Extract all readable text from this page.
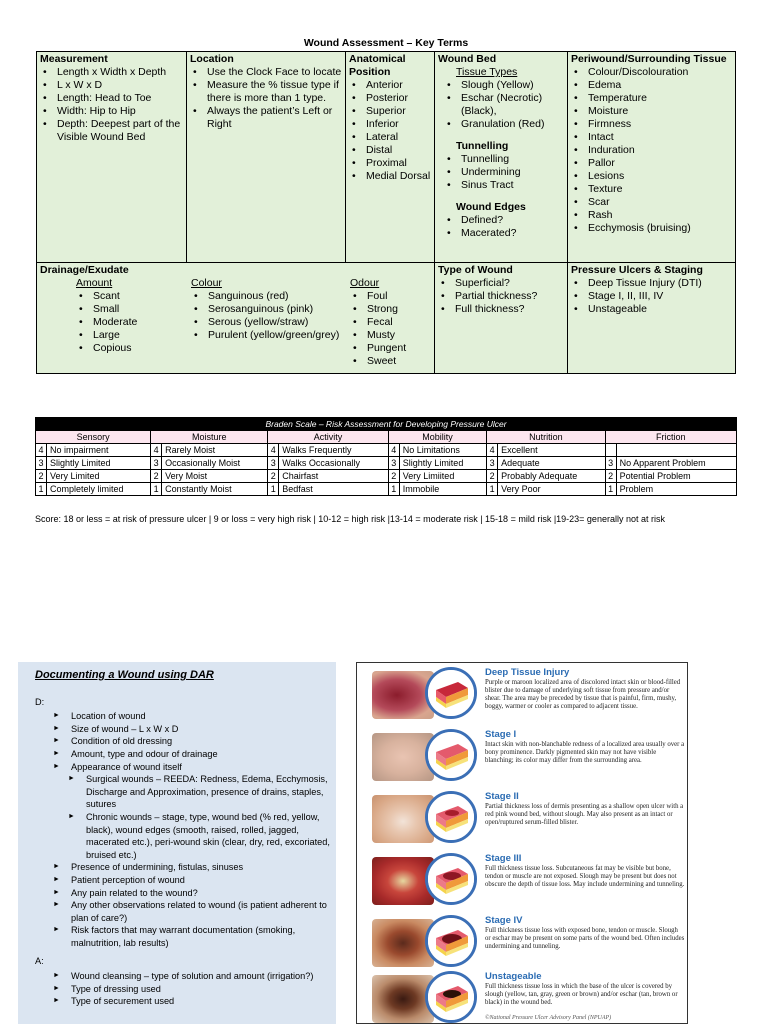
Wound Assessment – Key Terms
Measurement
• Length x Width x Depth
• L x W x D
• Length: Head to Toe
• Width: Hip to Hip
• Depth: Deepest part of the Visible Wound Bed
Location
• Use the Clock Face to locate
• Measure the % tissue type if there is more than 1 type.
• Always the patient’s Left or Right
Anatomical Position
• Anterior
• Posterior
• Superior
• Inferior
• Lateral
• Distal
• Proximal
• Medial Dorsal
Wound Bed
Tissue Types
• Slough (Yellow)
• Eschar (Necrotic) (Black),
• Granulation (Red)
Tunnelling
• Tunnelling
• Undermining
• Sinus Tract
Wound Edges
• Defined?
• Macerated?
Periwound/Surrounding Tissue
• Colour/Discolouration
• Edema
• Temperature
• Moisture
• Firmness
• Intact
• Induration
• Pallor
• Lesions
• Texture
• Scar
• Rash
• Ecchymosis (bruising)
Drainage/Exudate
Amount
• Scant
• Small
• Moderate
• Large
• Copious
Colour
• Sanguinous (red)
• Serosanguinous (pink)
• Serous (yellow/straw)
• Purulent (yellow/green/grey)
Odour
• Foul
• Strong
• Fecal
• Musty
• Pungent
• Sweet
Type of Wound
• Superficial?
• Partial thickness?
• Full thickness?
Pressure Ulcers & Staging
• Deep Tissue Injury (DTI)
• Stage I, II, III, IV
• Unstageable
Braden Scale – Risk Assessment for Developing Pressure Ulcer											
Sensory		Moisture		Activity		Mobility		Nutrition		Friction	
4	No impairment	4	Rarely Moist	4	Walks Frequently	4	No Limitations	4	Excellent		
3	Slightly Limited	3	Occasionally Moist	3	Walks Occasionally	3	Slightly Limited	3	Adequate	3	No Apparent Problem
2	Very Limited	2	Very Moist	2	Chairfast	2	Very Limiited	2	Probably Adequate	2	Potential Problem
1	Completely limited	1	Constantly Moist	1	Bedfast	1	Immobile	1	Very Poor	1	Problem
Score: 18 or less = at risk of pressure ulcer | 9 or loss = very high risk | 10-12 = high risk |13-14 = moderate risk | 15-18 = mild risk |19-23= generally not at risk
Documenting a Wound using DAR
D:
► Location of wound
► Size of wound – L x W x D
► Condition of old dressing
► Amount, type and odour of drainage
► Appearance of wound itself
► Surgical wounds – REEDA: Redness, Edema, Ecchymosis, Discharge and Approximation, presence of drains, staples, sutures
► Chronic wounds – stage, type, wound bed (% red, yellow, black), wound edges (smooth, raised, rolled, jagged, macerated etc.), peri-wound skin (clear, dry, red, excoriated, bruised etc.)
► Presence of undermining, fistulas, sinuses
► Patient perception of wound
► Any pain related to the wound?
► Any other observations related to wound (is patient adherent to plan of care?)
► Risk factors that may warrant documentation (smoking, malnutrition, lab results)
A:
► Wound cleansing – type of solution and amount (irrigation?)
► Type of dressing used
► Type of securement used
Deep Tissue Injury
Purple or maroon localized area of discolored intact skin or blood-filled blister due to damage of underlying soft tissue from pressure and/or shear. The area may be preceded by tissue that is painful, firm, mushy, boggy, warmer or cooler as compared to adjacent tissue.
Stage I
Intact skin with non-blanchable redness of a localized area usually over a bony prominence. Darkly pigmented skin may not have visible blanching; its color may differ from the surrounding area.
Stage II
Partial thickness loss of dermis presenting as a shallow open ulcer with a red pink wound bed, without slough. May also present as an intact or open/ruptured serum-filled blister.
Stage III
Full thickness tissue loss. Subcutaneous fat may be visible but bone, tendon or muscle are not exposed. Slough may be present but does not obscure the depth of tissue loss. May include undermining and tunneling.
Stage IV
Full thickness tissue loss with exposed bone, tendon or muscle. Slough or eschar may be present on some parts of the wound bed. Often includes undermining and tunneling.
Unstageable
Full thickness tissue loss in which the base of the ulcer is covered by slough (yellow, tan, gray, green or brown) and/or eschar (tan, brown or black) in the wound bed.
©National Pressure Ulcer Advisory Panel (NPUAP)
